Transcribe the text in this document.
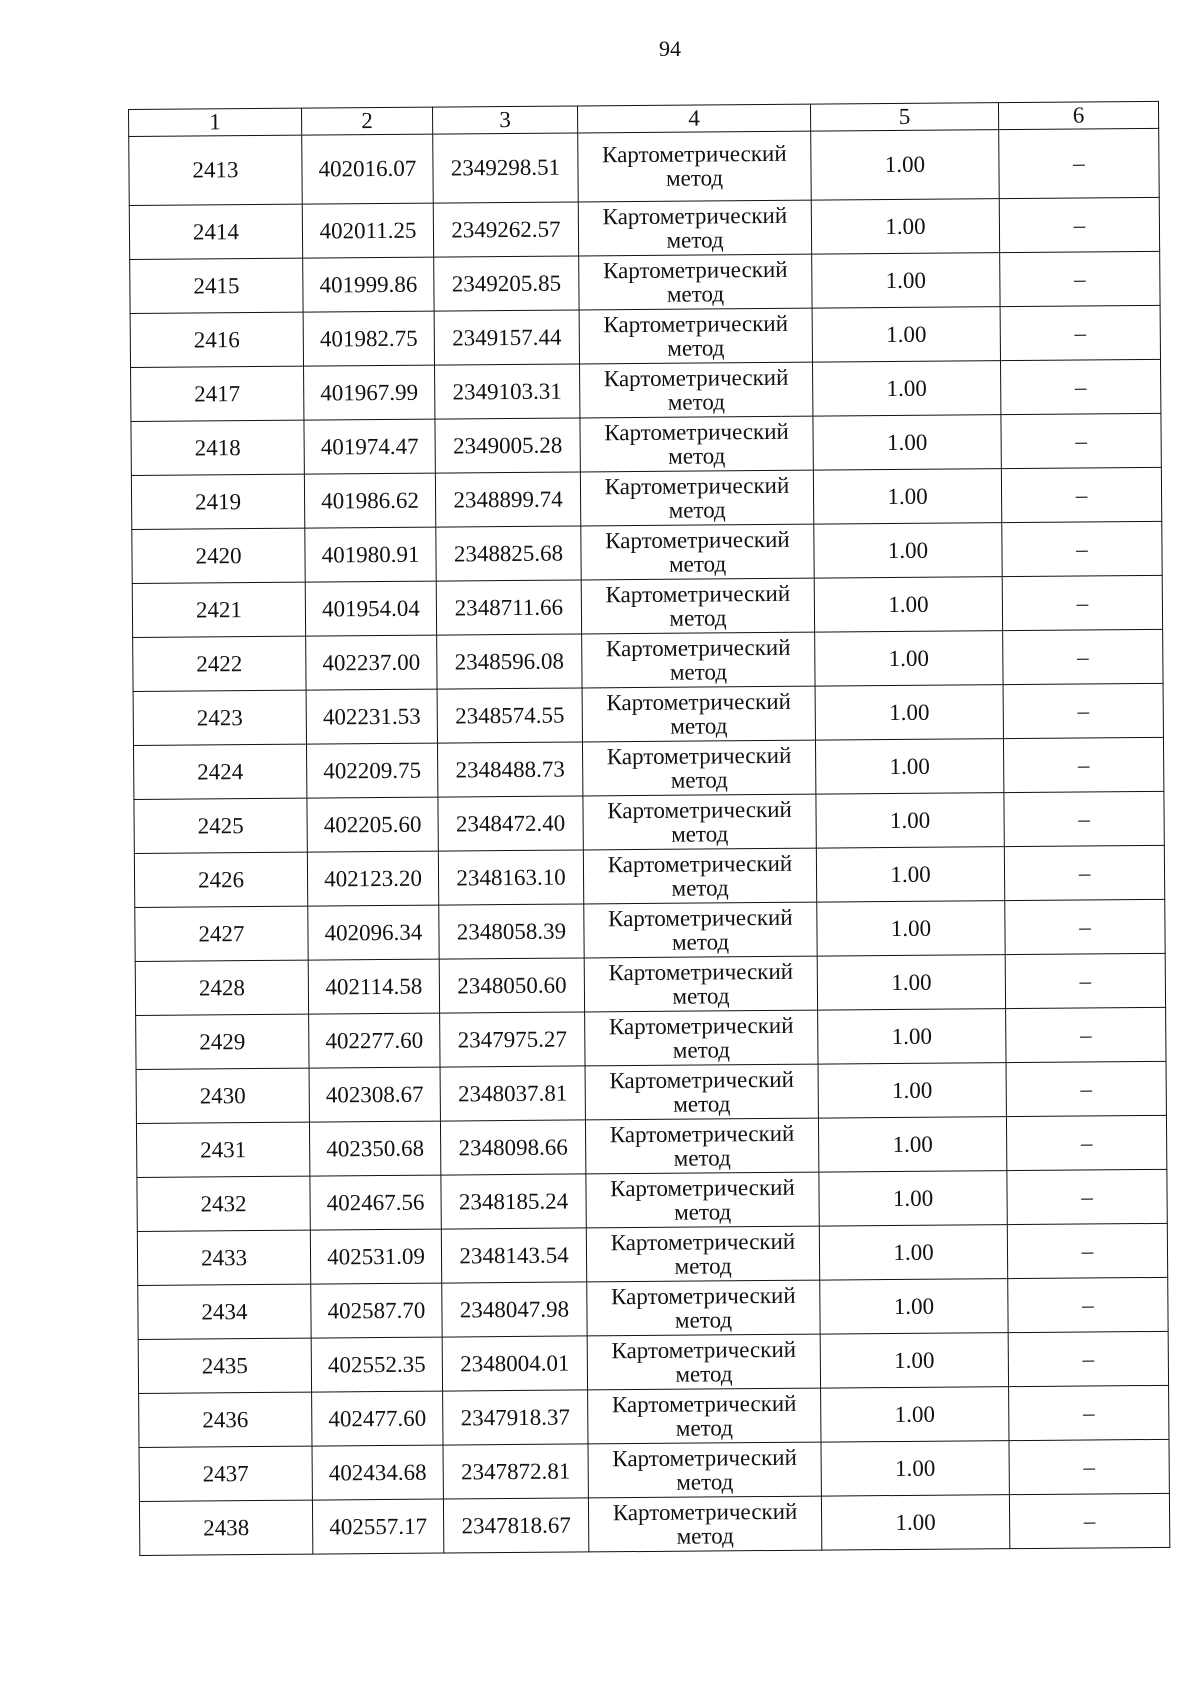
94
1	2	3	4	5	6
2413	402016.07	2349298.51	Картометрический метод	1.00	–
2414	402011.25	2349262.57	Картометрический метод	1.00	–
2415	401999.86	2349205.85	Картометрический метод	1.00	–
2416	401982.75	2349157.44	Картометрический метод	1.00	–
2417	401967.99	2349103.31	Картометрический метод	1.00	–
2418	401974.47	2349005.28	Картометрический метод	1.00	–
2419	401986.62	2348899.74	Картометрический метод	1.00	–
2420	401980.91	2348825.68	Картометрический метод	1.00	–
2421	401954.04	2348711.66	Картометрический метод	1.00	–
2422	402237.00	2348596.08	Картометрический метод	1.00	–
2423	402231.53	2348574.55	Картометрический метод	1.00	–
2424	402209.75	2348488.73	Картометрический метод	1.00	–
2425	402205.60	2348472.40	Картометрический метод	1.00	–
2426	402123.20	2348163.10	Картометрический метод	1.00	–
2427	402096.34	2348058.39	Картометрический метод	1.00	–
2428	402114.58	2348050.60	Картометрический метод	1.00	–
2429	402277.60	2347975.27	Картометрический метод	1.00	–
2430	402308.67	2348037.81	Картометрический метод	1.00	–
2431	402350.68	2348098.66	Картометрический метод	1.00	–
2432	402467.56	2348185.24	Картометрический метод	1.00	–
2433	402531.09	2348143.54	Картометрический метод	1.00	–
2434	402587.70	2348047.98	Картометрический метод	1.00	–
2435	402552.35	2348004.01	Картометрический метод	1.00	–
2436	402477.60	2347918.37	Картометрический метод	1.00	–
2437	402434.68	2347872.81	Картометрический метод	1.00	–
2438	402557.17	2347818.67	Картометрический метод	1.00	–
